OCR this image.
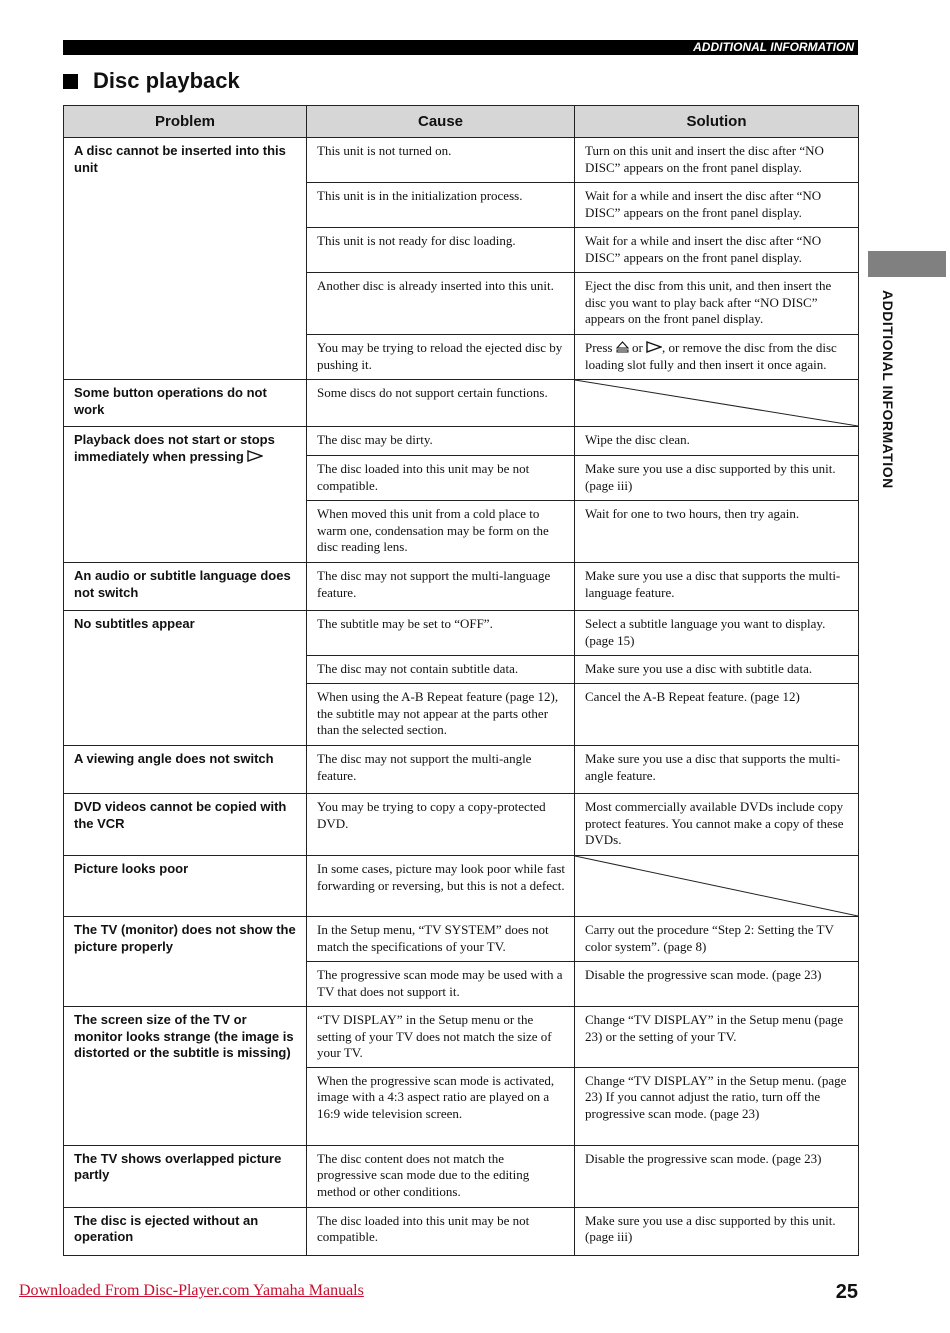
ADDITIONAL INFORMATION
Disc playback
ADDITIONAL INFORMATION
Problem	Cause	Solution
A disc cannot be inserted into this unit	This unit is not turned on.	Turn on this unit and insert the disc after “NO DISC” appears on the front panel display.
	This unit is in the initialization process.	Wait for a while and insert the disc after “NO DISC” appears on the front panel display.
	This unit is not ready for disc loading.	Wait for a while and insert the disc after “NO DISC” appears on the front panel display.
	Another disc is already inserted into this unit.	Eject the disc from this unit, and then insert the disc you want to play back after “NO DISC” appears on the front panel display.
	You may be trying to reload the ejected disc by pushing it.	Press  or , or remove the disc from the disc loading slot fully and then insert it once again.
Some button operations do not work	Some discs do not support certain functions.	

Playback does not start or stops immediately when pressing	The disc may be dirty.	Wipe the disc clean.
	The disc loaded into this unit may be not compatible.	Make sure you use a disc supported by this unit. (page iii)
	When moved this unit from a cold place to warm one, condensation may be form on the disc reading lens.	Wait for one to two hours, then try again.
An audio or subtitle language does not switch	The disc may not support the multi-language feature.	Make sure you use a disc that supports the multi-language feature.
No subtitles appear	The subtitle may be set to “OFF”.	Select a subtitle language you want to display. (page 15)
	The disc may not contain subtitle data.	Make sure you use a disc with subtitle data.
	When using the A-B Repeat feature (page 12), the subtitle may not appear at the parts other than the selected section.	Cancel the A-B Repeat feature. (page 12)
A viewing angle does not switch	The disc may not support the multi-angle feature.	Make sure you use a disc that supports the multi-angle feature.
DVD videos cannot be copied with the VCR	You may be trying to copy a copy-protected DVD.	Most commercially available DVDs include copy protect features. You cannot make a copy of these DVDs.
Picture looks poor	In some cases, picture may look poor while fast forwarding or reversing, but this is not a defect.	

The TV (monitor) does not show the picture properly	In the Setup menu, “TV SYSTEM” does not match the specifications of your TV.	Carry out the procedure “Step 2: Setting the TV color system”. (page 8)
	The progressive scan mode may be used with a TV that does not support it.	Disable the progressive scan mode. (page 23)
The screen size of the TV or monitor looks strange (the image is distorted or the subtitle is missing)	“TV DISPLAY” in the Setup menu or the setting of your TV does not match the size of your TV.	Change “TV DISPLAY” in the Setup menu (page 23) or the setting of your TV.
	When the progressive scan mode is activated, image with a 4:3 aspect ratio are played on a 16:9 wide television screen.	Change “TV DISPLAY” in the Setup menu. (page 23) If you cannot adjust the ratio, turn off the progressive scan mode. (page 23)
The TV shows overlapped picture partly	The disc content does not match the progressive scan mode due to the editing method or other conditions.	Disable the progressive scan mode. (page 23)
The disc is ejected without an operation	The disc loaded into this unit may be not compatible.	Make sure you use a disc supported by this unit. (page iii)
Downloaded From Disc-Player.com Yamaha Manuals	25
